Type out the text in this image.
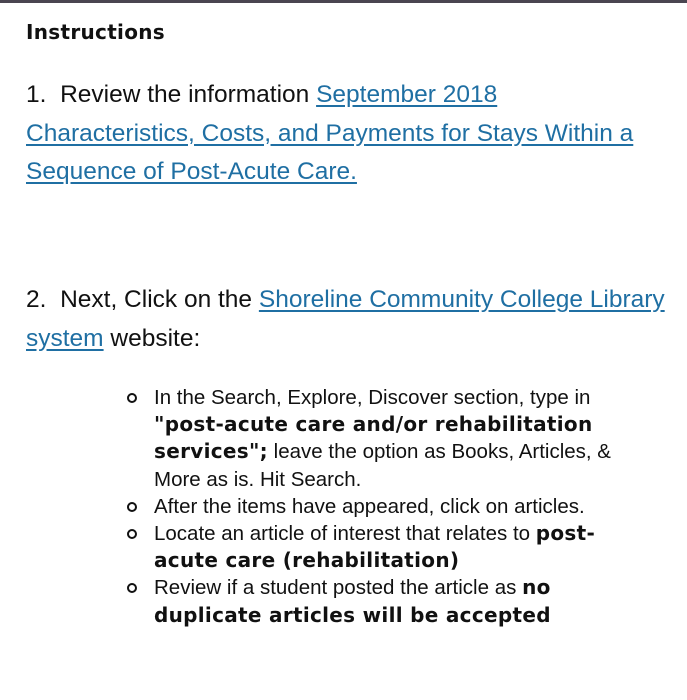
Instructions
1. Review the information September 2018 Characteristics, Costs, and Payments for Stays Within a Sequence of Post-Acute Care.
2. Next, Click on the Shoreline Community College Library system website:
In the Search, Explore, Discover section, type in "post-acute care and/or rehabilitation services"; leave the option as Books, Articles, & More as is. Hit Search.
After the items have appeared, click on articles.
Locate an article of interest that relates to post-acute care (rehabilitation)
Review if a student posted the article as no duplicate articles will be accepted
